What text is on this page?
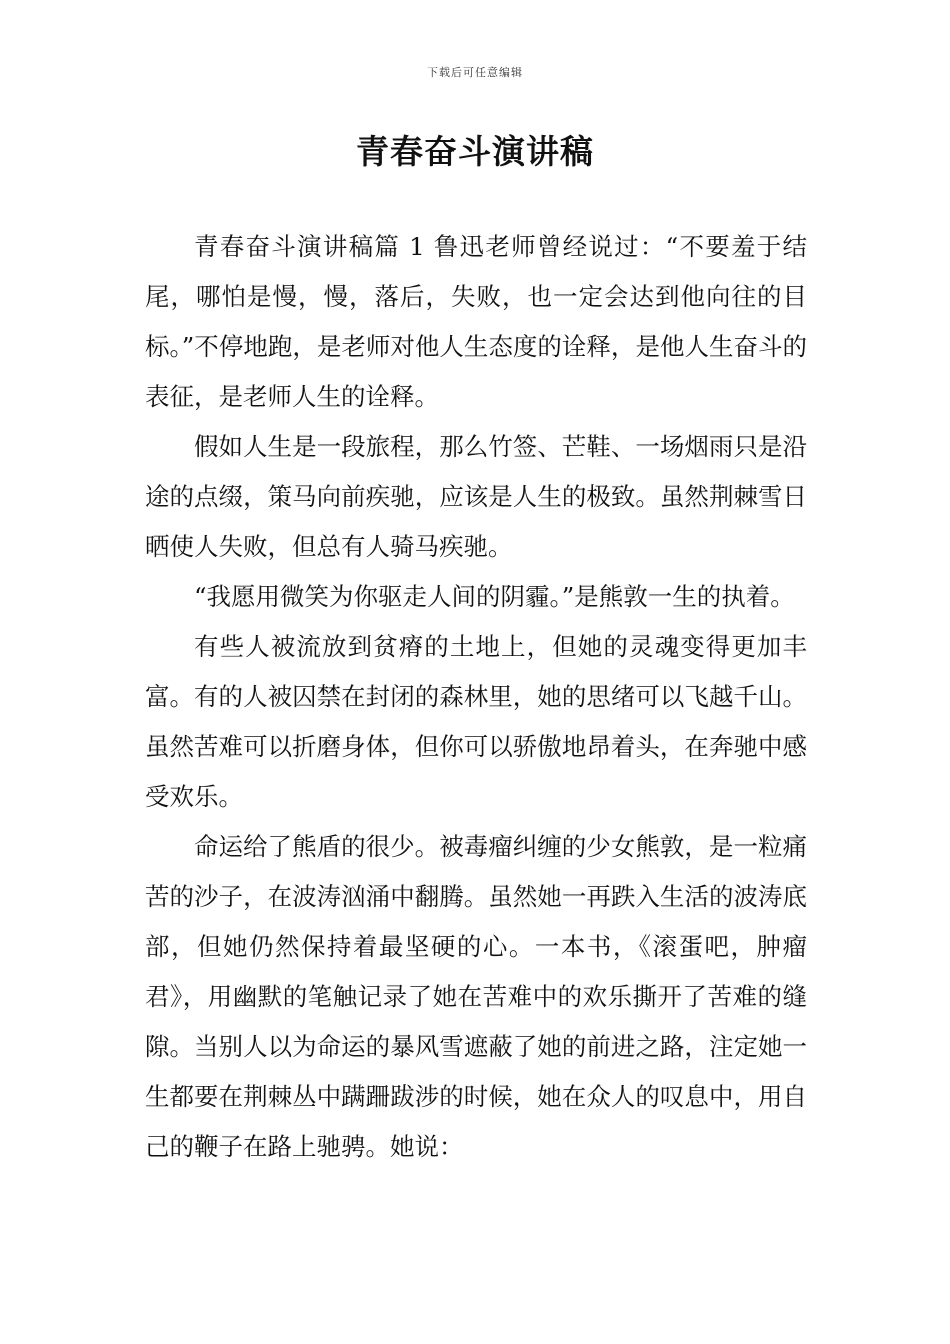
下载后可任意编辑
青春奋斗演讲稿

青春奋斗演讲稿篇 1 鲁迅老师曾经说过：“不要羞于结尾，哪怕是慢，慢，落后，失败，也一定会达到他向往的目标。”不停地跑，是老师对他人生态度的诠释，是他人生奋斗的表征，是老师人生的诠释。

假如人生是一段旅程，那么竹签、芒鞋、一场烟雨只是沿途的点缀，策马向前疾驰，应该是人生的极致。虽然荆棘雪日晒使人失败，但总有人骑马疾驰。

“我愿用微笑为你驱走人间的阴霾。”是熊敦一生的执着。

有些人被流放到贫瘠的土地上，但她的灵魂变得更加丰富。有的人被囚禁在封闭的森林里，她的思绪可以飞越千山。虽然苦难可以折磨身体，但你可以骄傲地昂着头，在奔驰中感受欢乐。

命运给了熊盾的很少。被毒瘤纠缠的少女熊敦，是一粒痛苦的沙子，在波涛汹涌中翻腾。虽然她一再跌入生活的波涛底部，但她仍然保持着最坚硬的心。一本书，《滚蛋吧，肿瘤君》，用幽默的笔触记录了她在苦难中的欢乐撕开了苦难的缝隙。当别人以为命运的暴风雪遮蔽了她的前进之路，注定她一生都要在荆棘丛中蹒跚跋涉的时候，她在众人的叹息中，用自己的鞭子在路上驰骋。她说：
